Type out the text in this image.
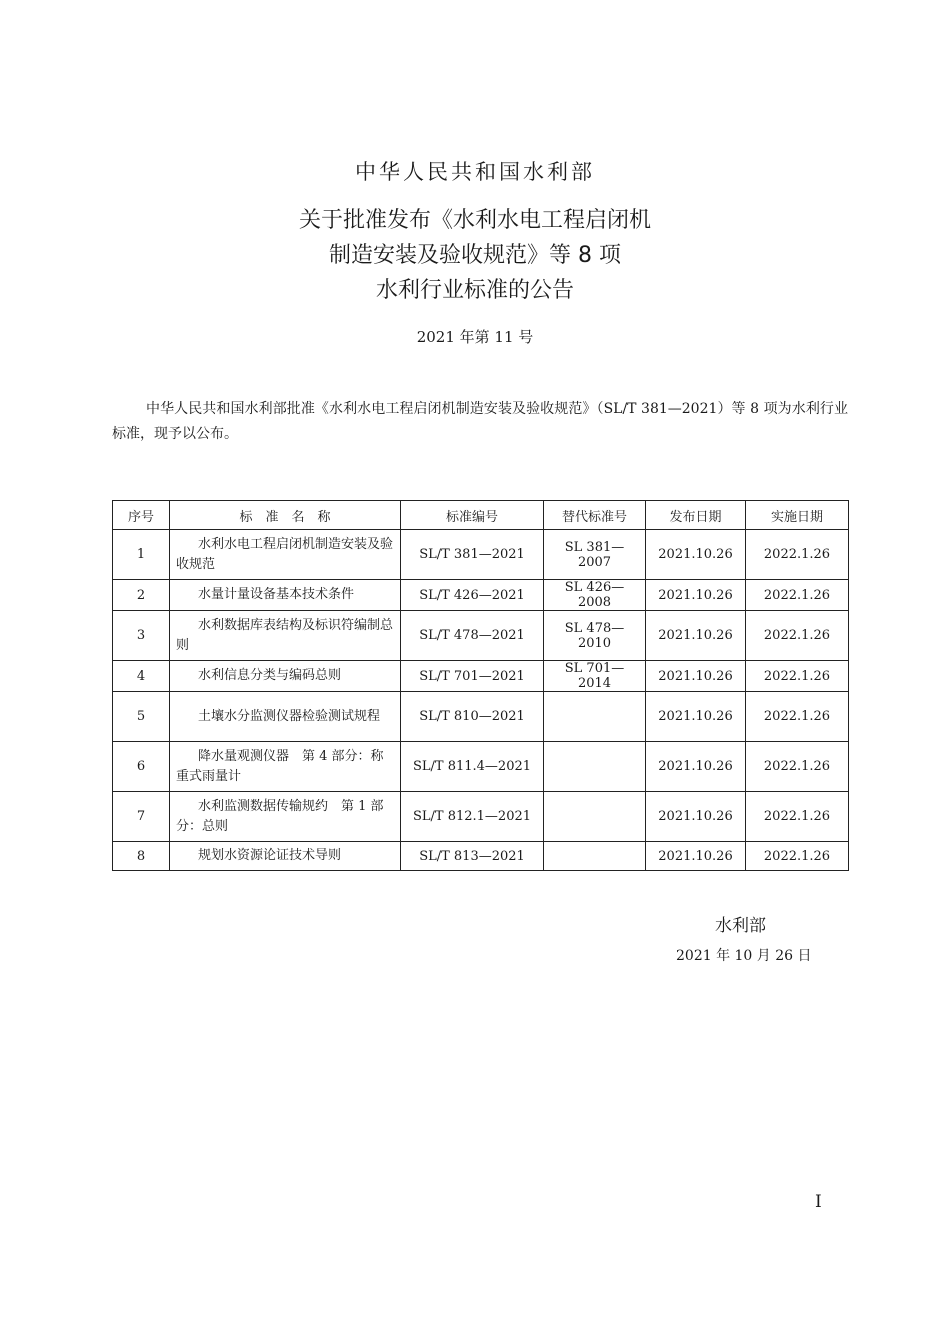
中华人民共和国水利部
关于批准发布《水利水电工程启闭机
制造安装及验收规范》等 8 项
水利行业标准的公告
2021 年第 11 号
中华人民共和国水利部批准《水利水电工程启闭机制造安装及验收规范》（SL/T 381—2021）等 8 项为水利行业标准，现予以公布。
序号	标　准　名　称	标准编号	替代标准号	发布日期	实施日期
1	水利水电工程启闭机制造安装及验收规范	SL/T 381—2021	SL 381—2007	2021.10.26	2022.1.26
2	水量计量设备基本技术条件	SL/T 426—2021	SL 426—2008	2021.10.26	2022.1.26
3	水利数据库表结构及标识符编制总则	SL/T 478—2021	SL 478—2010	2021.10.26	2022.1.26
4	水利信息分类与编码总则	SL/T 701—2021	SL 701—2014	2021.10.26	2022.1.26
5	土壤水分监测仪器检验测试规程	SL/T 810—2021		2021.10.26	2022.1.26
6	降水量观测仪器　第 4 部分：称重式雨量计	SL/T 811.4—2021		2021.10.26	2022.1.26
7	水利监测数据传输规约　第 1 部分：总则	SL/T 812.1—2021		2021.10.26	2022.1.26
8	规划水资源论证技术导则	SL/T 813—2021		2021.10.26	2022.1.26
水利部
2021 年 10 月 26 日
I
